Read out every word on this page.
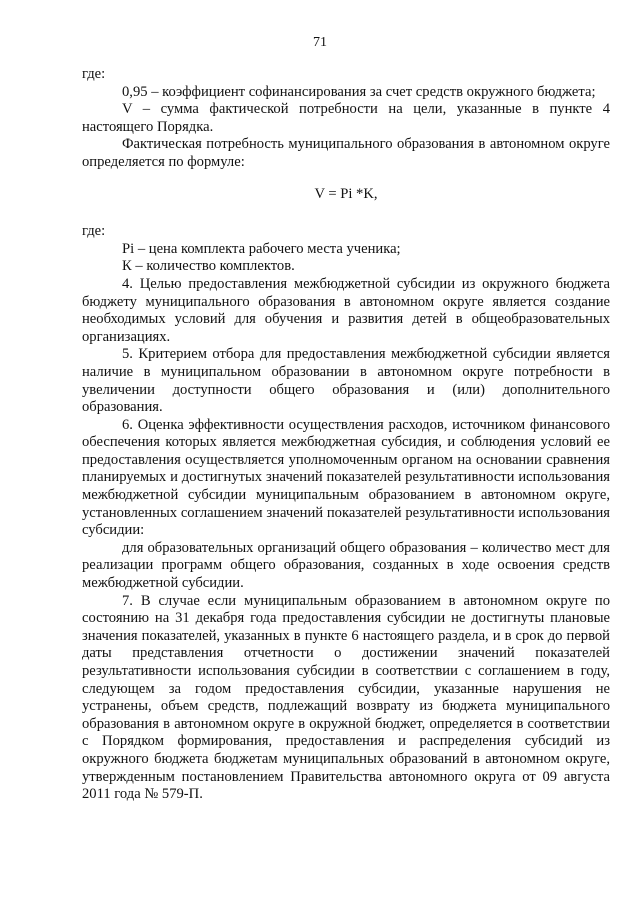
71

где:

0,95 – коэффициент софинансирования за счет средств окружного бюджета;

V – сумма фактической потребности на цели, указанные в пункте 4 настоящего Порядка.

Фактическая потребность муниципального образования в автономном округе определяется по формуле:

V = Pi *K,

где:

Pi – цена комплекта рабочего места ученика;

К – количество комплектов.

4. Целью предоставления межбюджетной субсидии из окружного бюджета бюджету муниципального образования в автономном округе является создание необходимых условий для обучения и развития детей в общеобразовательных организациях.

5. Критерием отбора для предоставления межбюджетной субсидии является наличие в муниципальном образовании в автономном округе потребности в увеличении доступности общего образования и (или) дополнительного образования.

6. Оценка эффективности осуществления расходов, источником финансового обеспечения которых является межбюджетная субсидия, и соблюдения условий ее предоставления осуществляется уполномоченным органом на основании сравнения планируемых и достигнутых значений показателей результативности использования межбюджетной субсидии муниципальным образованием в автономном округе, установленных соглашением значений показателей результативности использования субсидии:

для образовательных организаций общего образования – количество мест для реализации программ общего образования, созданных в ходе освоения средств межбюджетной субсидии.

7. В случае если муниципальным образованием в автономном округе по состоянию на 31 декабря года предоставления субсидии не достигнуты плановые значения показателей, указанных в пункте 6 настоящего раздела, и в срок до первой даты представления отчетности о достижении значений показателей результативности использования субсидии в соответствии с соглашением в году, следующем за годом предоставления субсидии, указанные нарушения не устранены, объем средств, подлежащий возврату из бюджета муниципального образования в автономном округе в окружной бюджет, определяется в соответствии с Порядком формирования, предоставления и распределения субсидий из окружного бюджета бюджетам муниципальных образований в автономном округе, утвержденным постановлением Правительства автономного округа от 09 августа 2011 года № 579-П.
